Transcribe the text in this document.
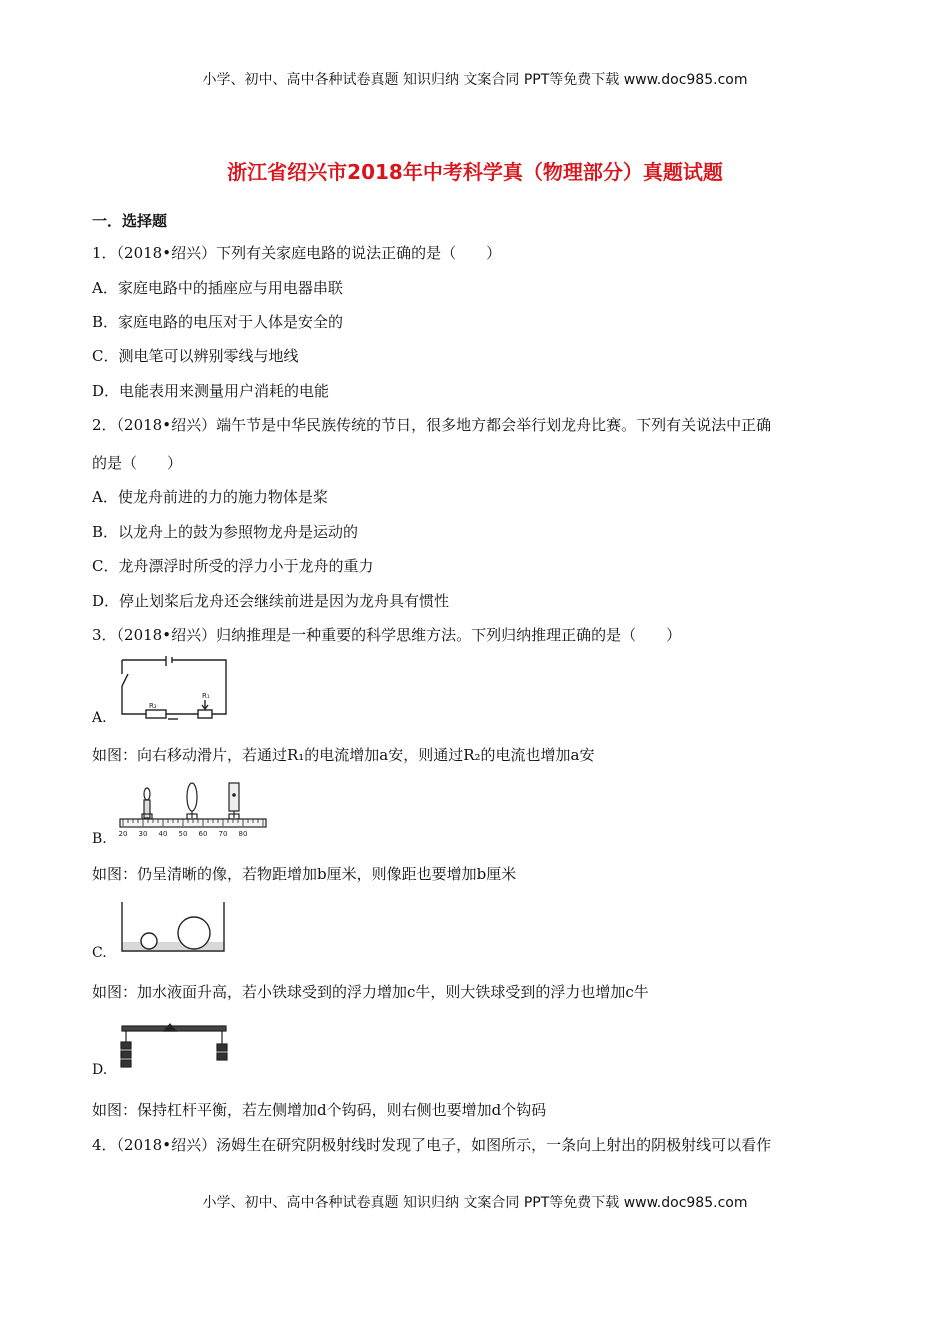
小学、初中、高中各种试卷真题 知识归纳 文案合同 PPT等免费下载 www.doc985.com
浙江省绍兴市2018年中考科学真（物理部分）真题试题
一．选择题
1．（2018•绍兴）下列有关家庭电路的说法正确的是（　　）
A．家庭电路中的插座应与用电器串联
B．家庭电路的电压对于人体是安全的
C．测电笔可以辨别零线与地线
D．电能表用来测量用户消耗的电能
2．（2018•绍兴）端午节是中华民族传统的节日，很多地方都会举行划龙舟比赛。下列有关说法中正确
的是（　　）
A．使龙舟前进的力的施力物体是桨
B．以龙舟上的鼓为参照物龙舟是运动的
C．龙舟漂浮时所受的浮力小于龙舟的重力
D．停止划桨后龙舟还会继续前进是因为龙舟具有惯性
3．（2018•绍兴）归纳推理是一种重要的科学思维方法。下列归纳推理正确的是（　　）
R₂
R₁
A.
如图：向右移动滑片，若通过R₁的电流增加a安，则通过R₂的电流也增加a安
20 30 40 50 60 70 80
B.
如图：仍呈清晰的像，若物距增加b厘米，则像距也要增加b厘米
C.
如图：加水液面升高，若小铁球受到的浮力增加c牛，则大铁球受到的浮力也增加c牛
D.
如图：保持杠杆平衡，若左侧增加d个钩码，则右侧也要增加d个钩码
4．（2018•绍兴）汤姆生在研究阴极射线时发现了电子，如图所示，一条向上射出的阴极射线可以看作
小学、初中、高中各种试卷真题 知识归纳 文案合同 PPT等免费下载 www.doc985.com
